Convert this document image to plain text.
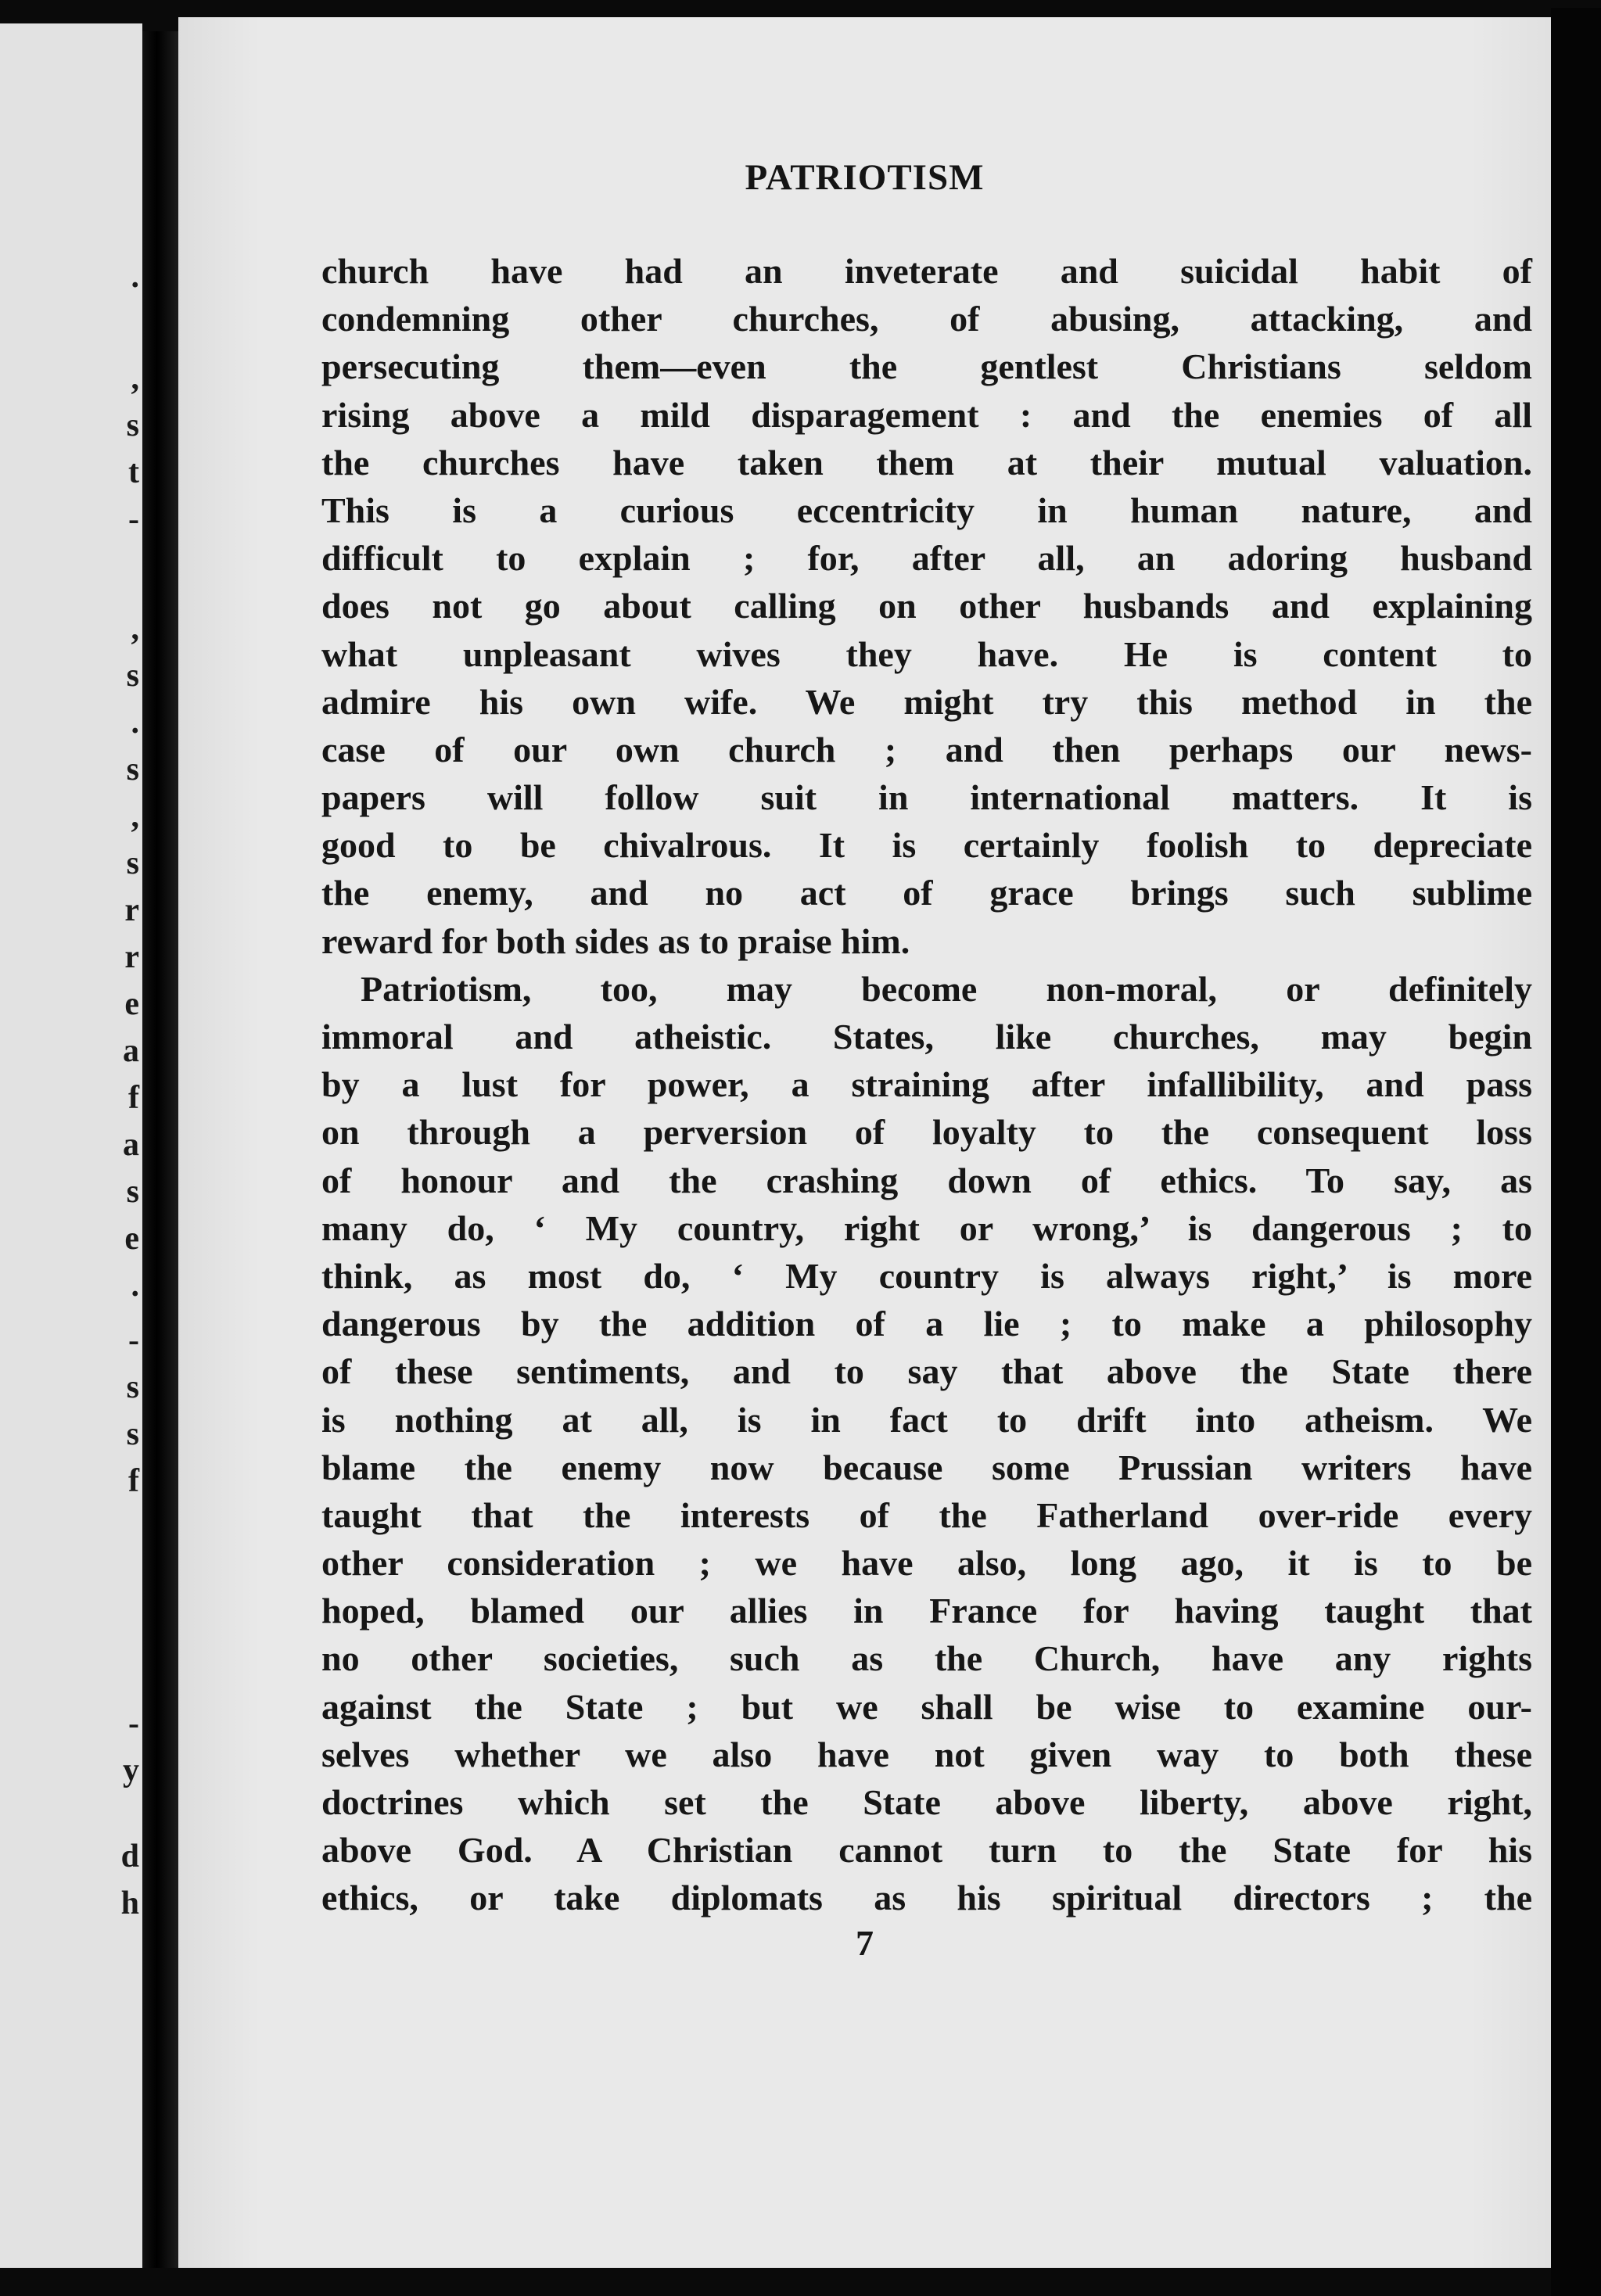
.
,
s
t
-
,
s
.
s
,
s
r
r
e
a
f
a
s
e
.
-
s
s
f
-
y
d
h
PATRIOTISM
church have had an inveterate and suicidal habit of
condemning other churches, of abusing, attacking, and
persecuting them—even the gentlest Christians seldom
rising above a mild disparagement : and the enemies of all
the churches have taken them at their mutual valuation.
This is a curious eccentricity in human nature, and
difficult to explain ; for, after all, an adoring husband
does not go about calling on other husbands and explaining
what unpleasant wives they have. He is content to
admire his own wife. We might try this method in the
case of our own church ; and then perhaps our news-
papers will follow suit in international matters. It is
good to be chivalrous. It is certainly foolish to depreciate
the enemy, and no act of grace brings such sublime
reward for both sides as to praise him.
Patriotism, too, may become non-moral, or definitely
immoral and atheistic. States, like churches, may begin
by a lust for power, a straining after infallibility, and pass
on through a perversion of loyalty to the consequent loss
of honour and the crashing down of ethics. To say, as
many do, ‘ My country, right or wrong,’ is dangerous ; to
think, as most do, ‘ My country is always right,’ is more
dangerous by the addition of a lie ; to make a philosophy
of these sentiments, and to say that above the State there
is nothing at all, is in fact to drift into atheism. We
blame the enemy now because some Prussian writers have
taught that the interests of the Fatherland over-ride every
other consideration ; we have also, long ago, it is to be
hoped, blamed our allies in France for having taught that
no other societies, such as the Church, have any rights
against the State ; but we shall be wise to examine our-
selves whether we also have not given way to both these
doctrines which set the State above liberty, above right,
above God. A Christian cannot turn to the State for his
ethics, or take diplomats as his spiritual directors ; the
7
